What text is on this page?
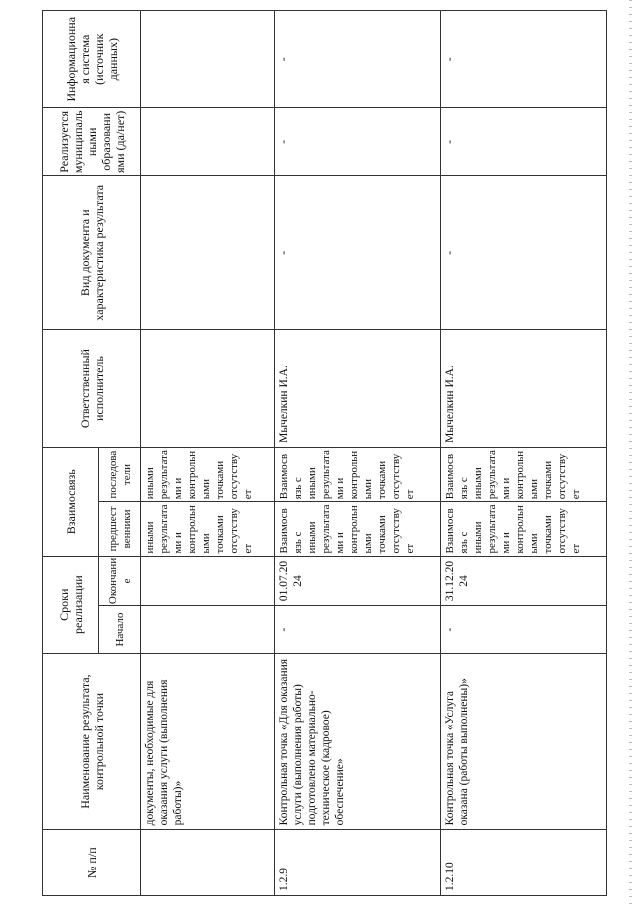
№ п/п	Наименование результата, контрольной точки	Сроки реализации		Взаимосвязь		Ответственный исполнитель	Вид документа и характеристика результата	Реализуется муниципальными образованиями (да/нет)	Информационная система (источник данных)
		Начало	Окончание	предшественники	последователи				
	документы, необходимые для оказания услуги (выполнения работы)»			иными результатами и контрольными точками отсутствует	иными результатами и контрольными точками отсутствует				
1.2.9	Контрольная точка «Для оказания услуги (выполнения работы) подготовлено материально-техническое (кадровое) обеспечение»	-	01.07.2024	Взаимосвязь с иными результатами и контрольными точками отсутствует	Взаимосвязь с иными результатами и контрольными точками отсутствует	Мычелкин И.А.	-	-	-
1.2.10	Контрольная точка «Услуга оказана (работы выполнены)»	-	31.12.2024	Взаимосвязь с иными результатами и контрольными точками отсутствует	Взаимосвязь с иными результатами и контрольными точками отсутствует	Мычелкин И.А.	-	-	-
